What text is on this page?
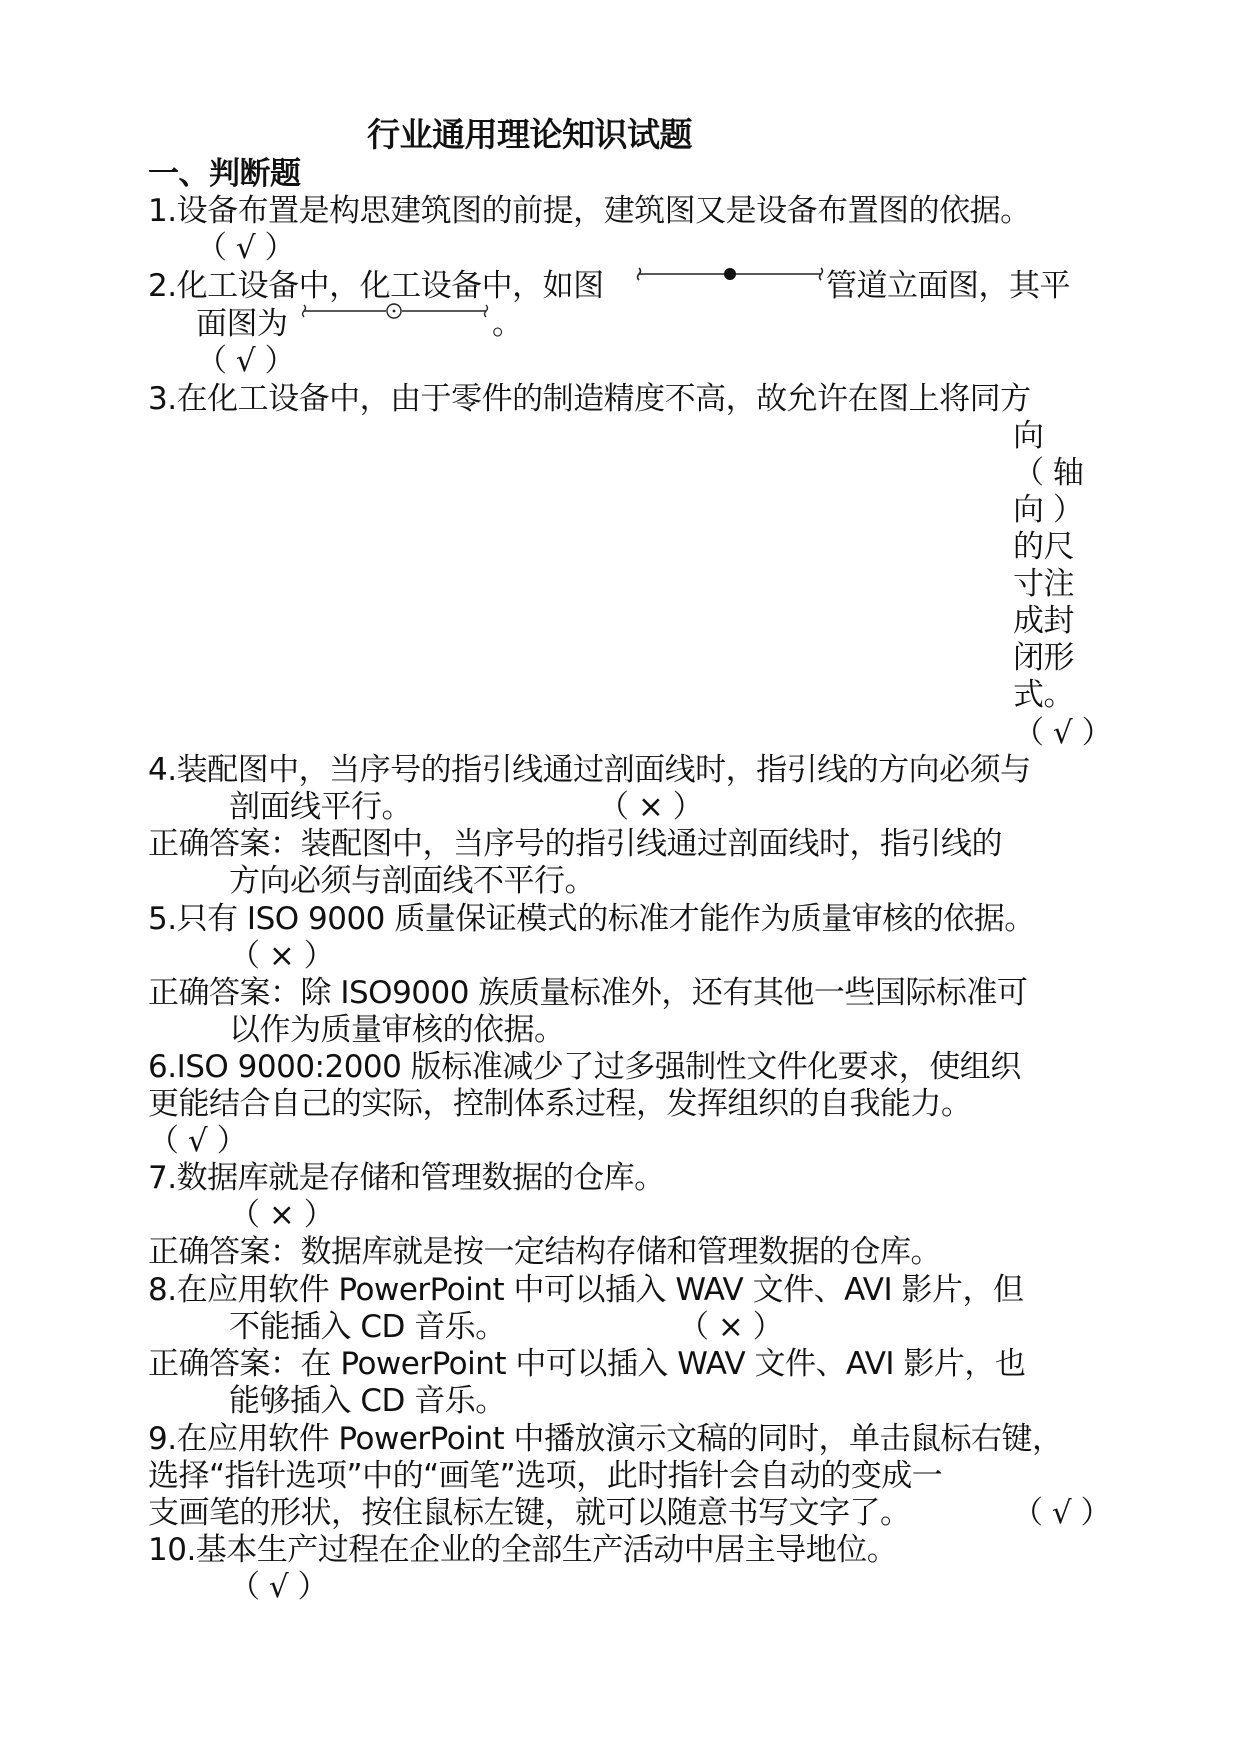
行业通用理论知识试题
一、判断题
1.设备布置是构思建筑图的前提，建筑图又是设备布置图的依据。
（ √ ）
2.化工设备中，化工设备中，如图	管道立面图，其平
面图为	。
（ √ ）
3.在化工设备中，由于零件的制造精度不高，故允许在图上将同方
向
（ 轴
向 ）
的尺
寸注
成封
闭形
式。
（ √ ）
4.装配图中，当序号的指引线通过剖面线时，指引线的方向必须与
剖面线平行。	（ × ）
正确答案：装配图中，当序号的指引线通过剖面线时，指引线的
方向必须与剖面线不平行。
5.只有 ISO 9000 质量保证模式的标准才能作为质量审核的依据。
（ × ）
正确答案：除 ISO9000 族质量标准外，还有其他一些国际标准可
以作为质量审核的依据。
6.ISO 9000:2000 版标准减少了过多强制性文件化要求，使组织
更能结合自己的实际，控制体系过程，发挥组织的自我能力。
（ √ ）
7.数据库就是存储和管理数据的仓库。
（ × ）
正确答案：数据库就是按一定结构存储和管理数据的仓库。
8.在应用软件 PowerPoint 中可以插入 WAV 文件、AVI 影片，但
不能插入 CD 音乐。	（ × ）
正确答案：在 PowerPoint 中可以插入 WAV 文件、AVI 影片，也
能够插入 CD 音乐。
9.在应用软件 PowerPoint 中播放演示文稿的同时，单击鼠标右键，
选择“指针选项”中的“画笔”选项，此时指针会自动的变成一
支画笔的形状，按住鼠标左键，就可以随意书写文字了。	（ √ ）
10.基本生产过程在企业的全部生产活动中居主导地位。
（ √ ）
